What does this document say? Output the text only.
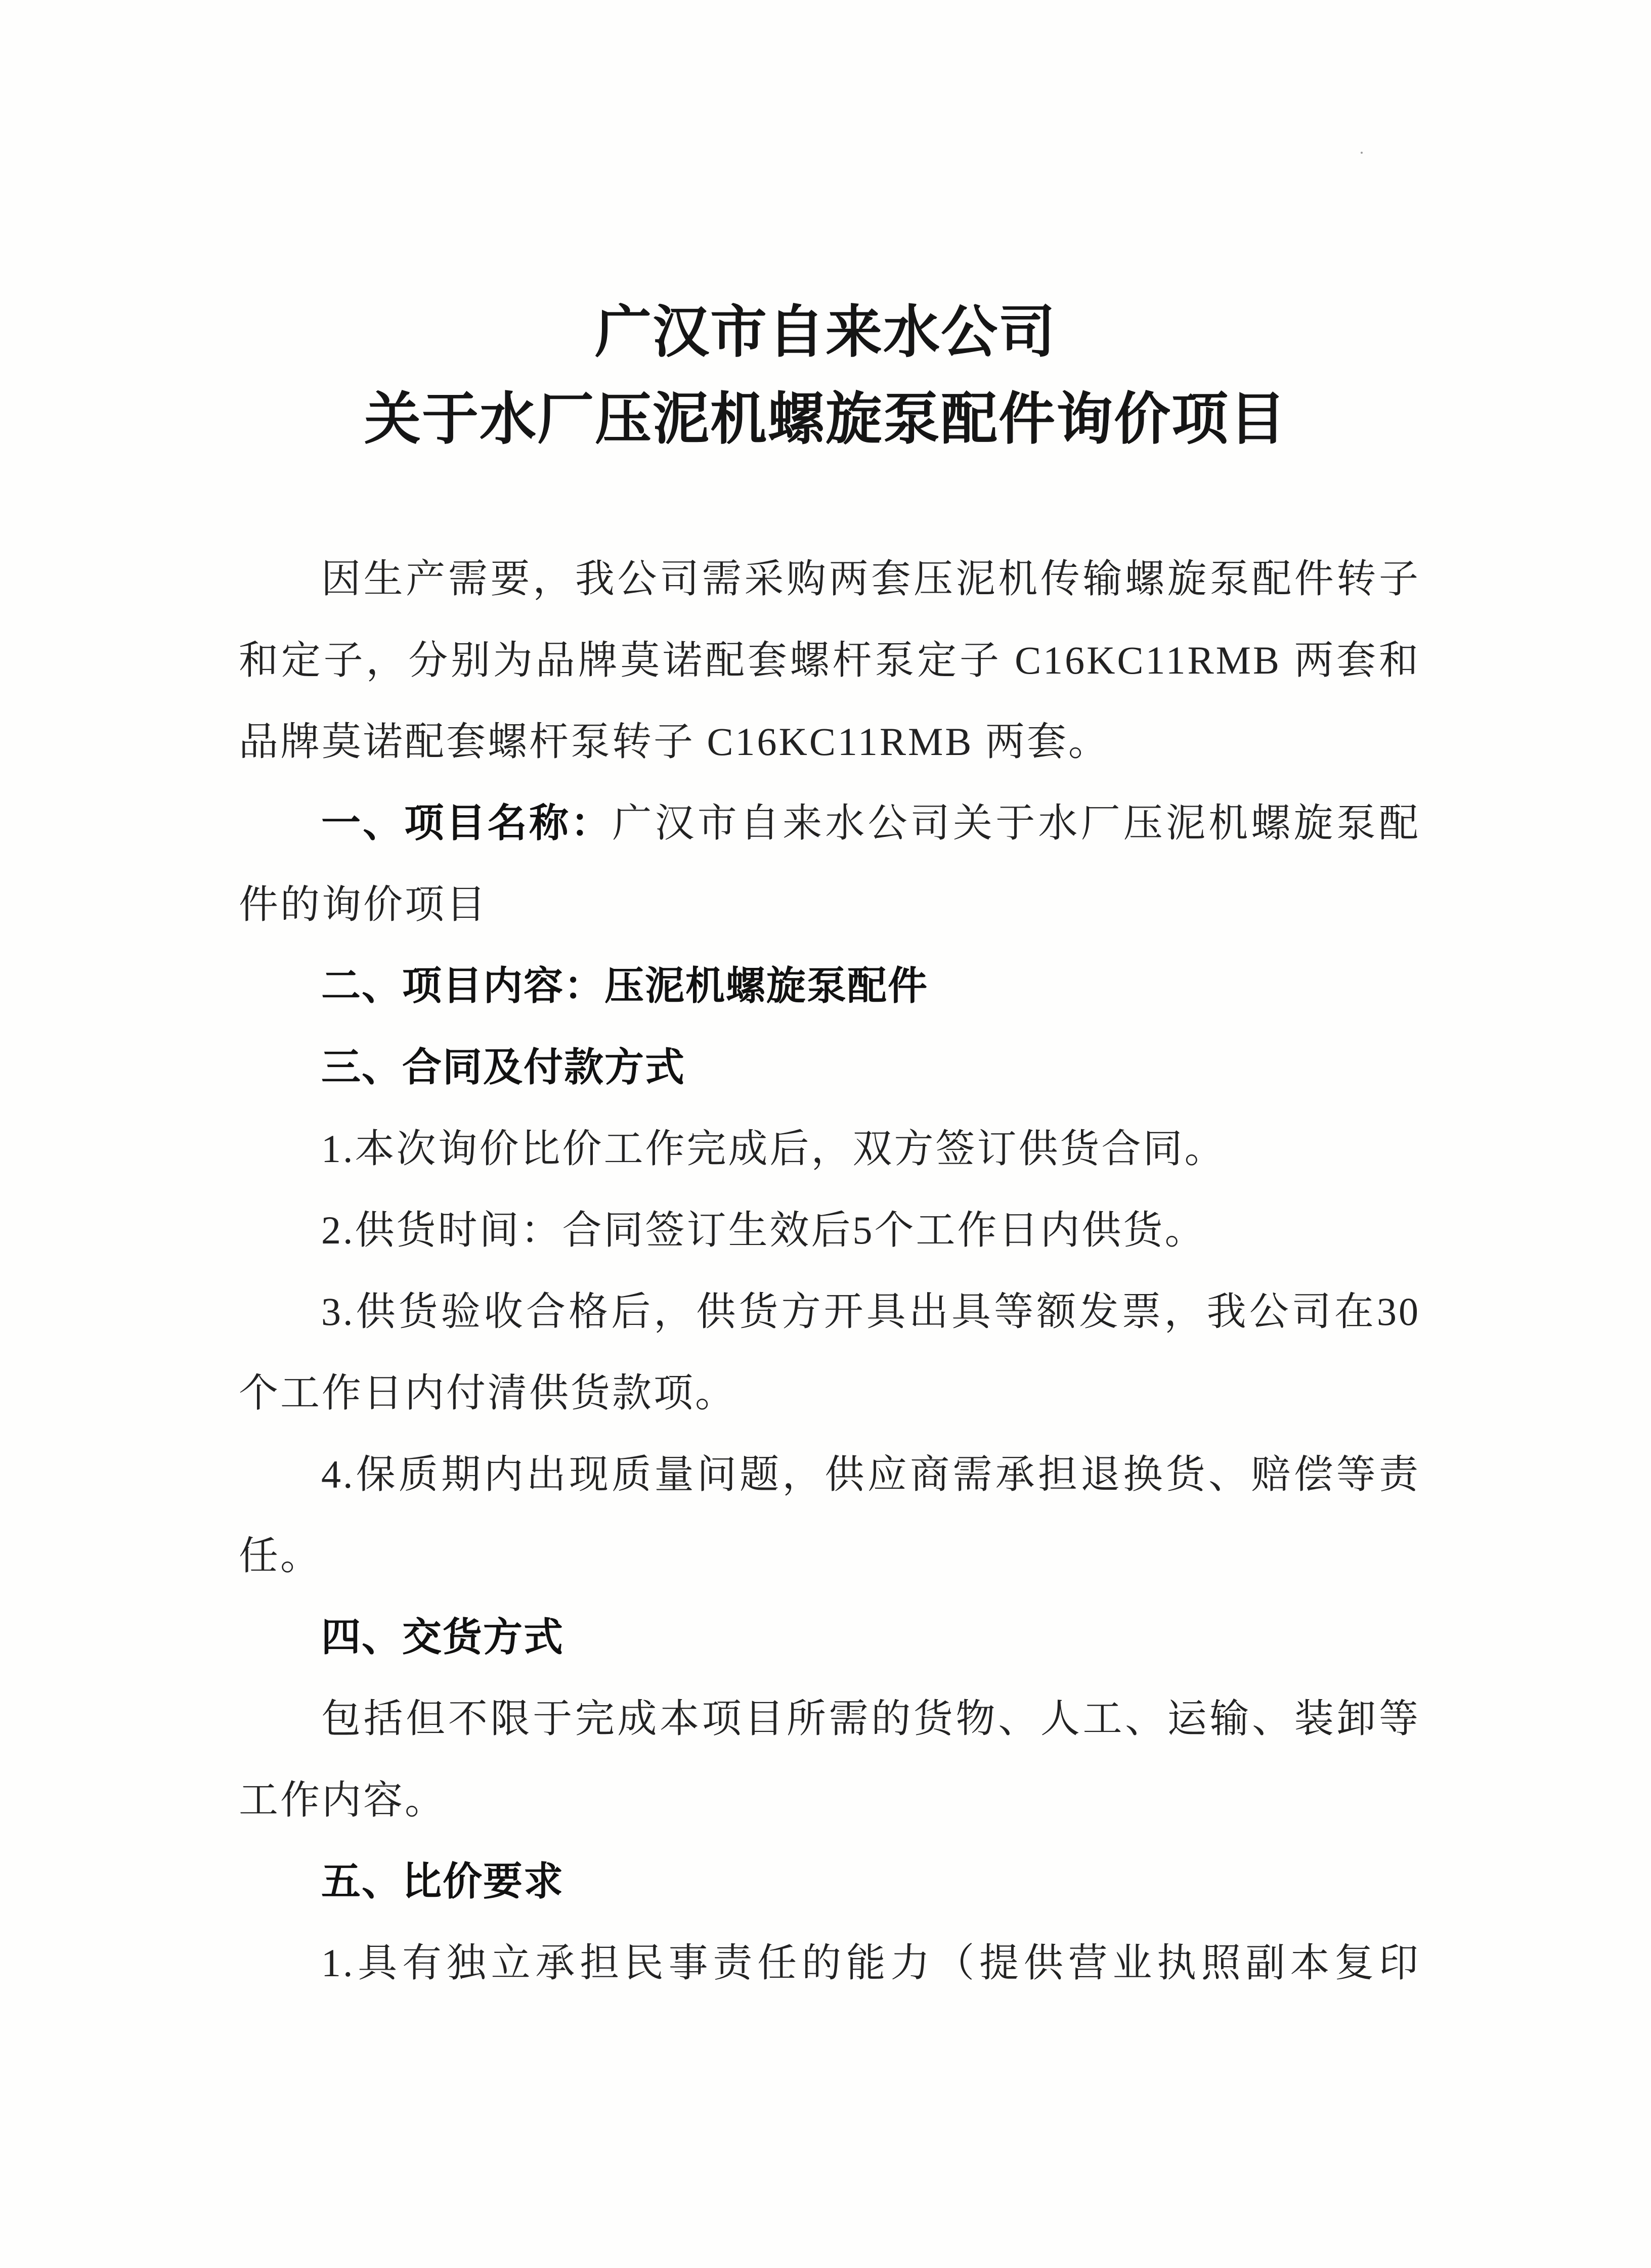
广汉市自来水公司
关于水厂压泥机螺旋泵配件询价项目
因生产需要，我公司需采购两套压泥机传输螺旋泵配件转子
和定子，分别为品牌莫诺配套螺杆泵定子 C16KC11RMB 两套和
品牌莫诺配套螺杆泵转子 C16KC11RMB 两套。
一、项目名称：广汉市自来水公司关于水厂压泥机螺旋泵配
件的询价项目
二、项目内容：压泥机螺旋泵配件
三、合同及付款方式
1.本次询价比价工作完成后，双方签订供货合同。
2.供货时间：合同签订生效后5个工作日内供货。
3.供货验收合格后，供货方开具出具等额发票，我公司在30
个工作日内付清供货款项。
4.保质期内出现质量问题，供应商需承担退换货、赔偿等责
任。
四、交货方式
包括但不限于完成本项目所需的货物、人工、运输、装卸等
工作内容。
五、比价要求
1.具有独立承担民事责任的能力（提供营业执照副本复印
